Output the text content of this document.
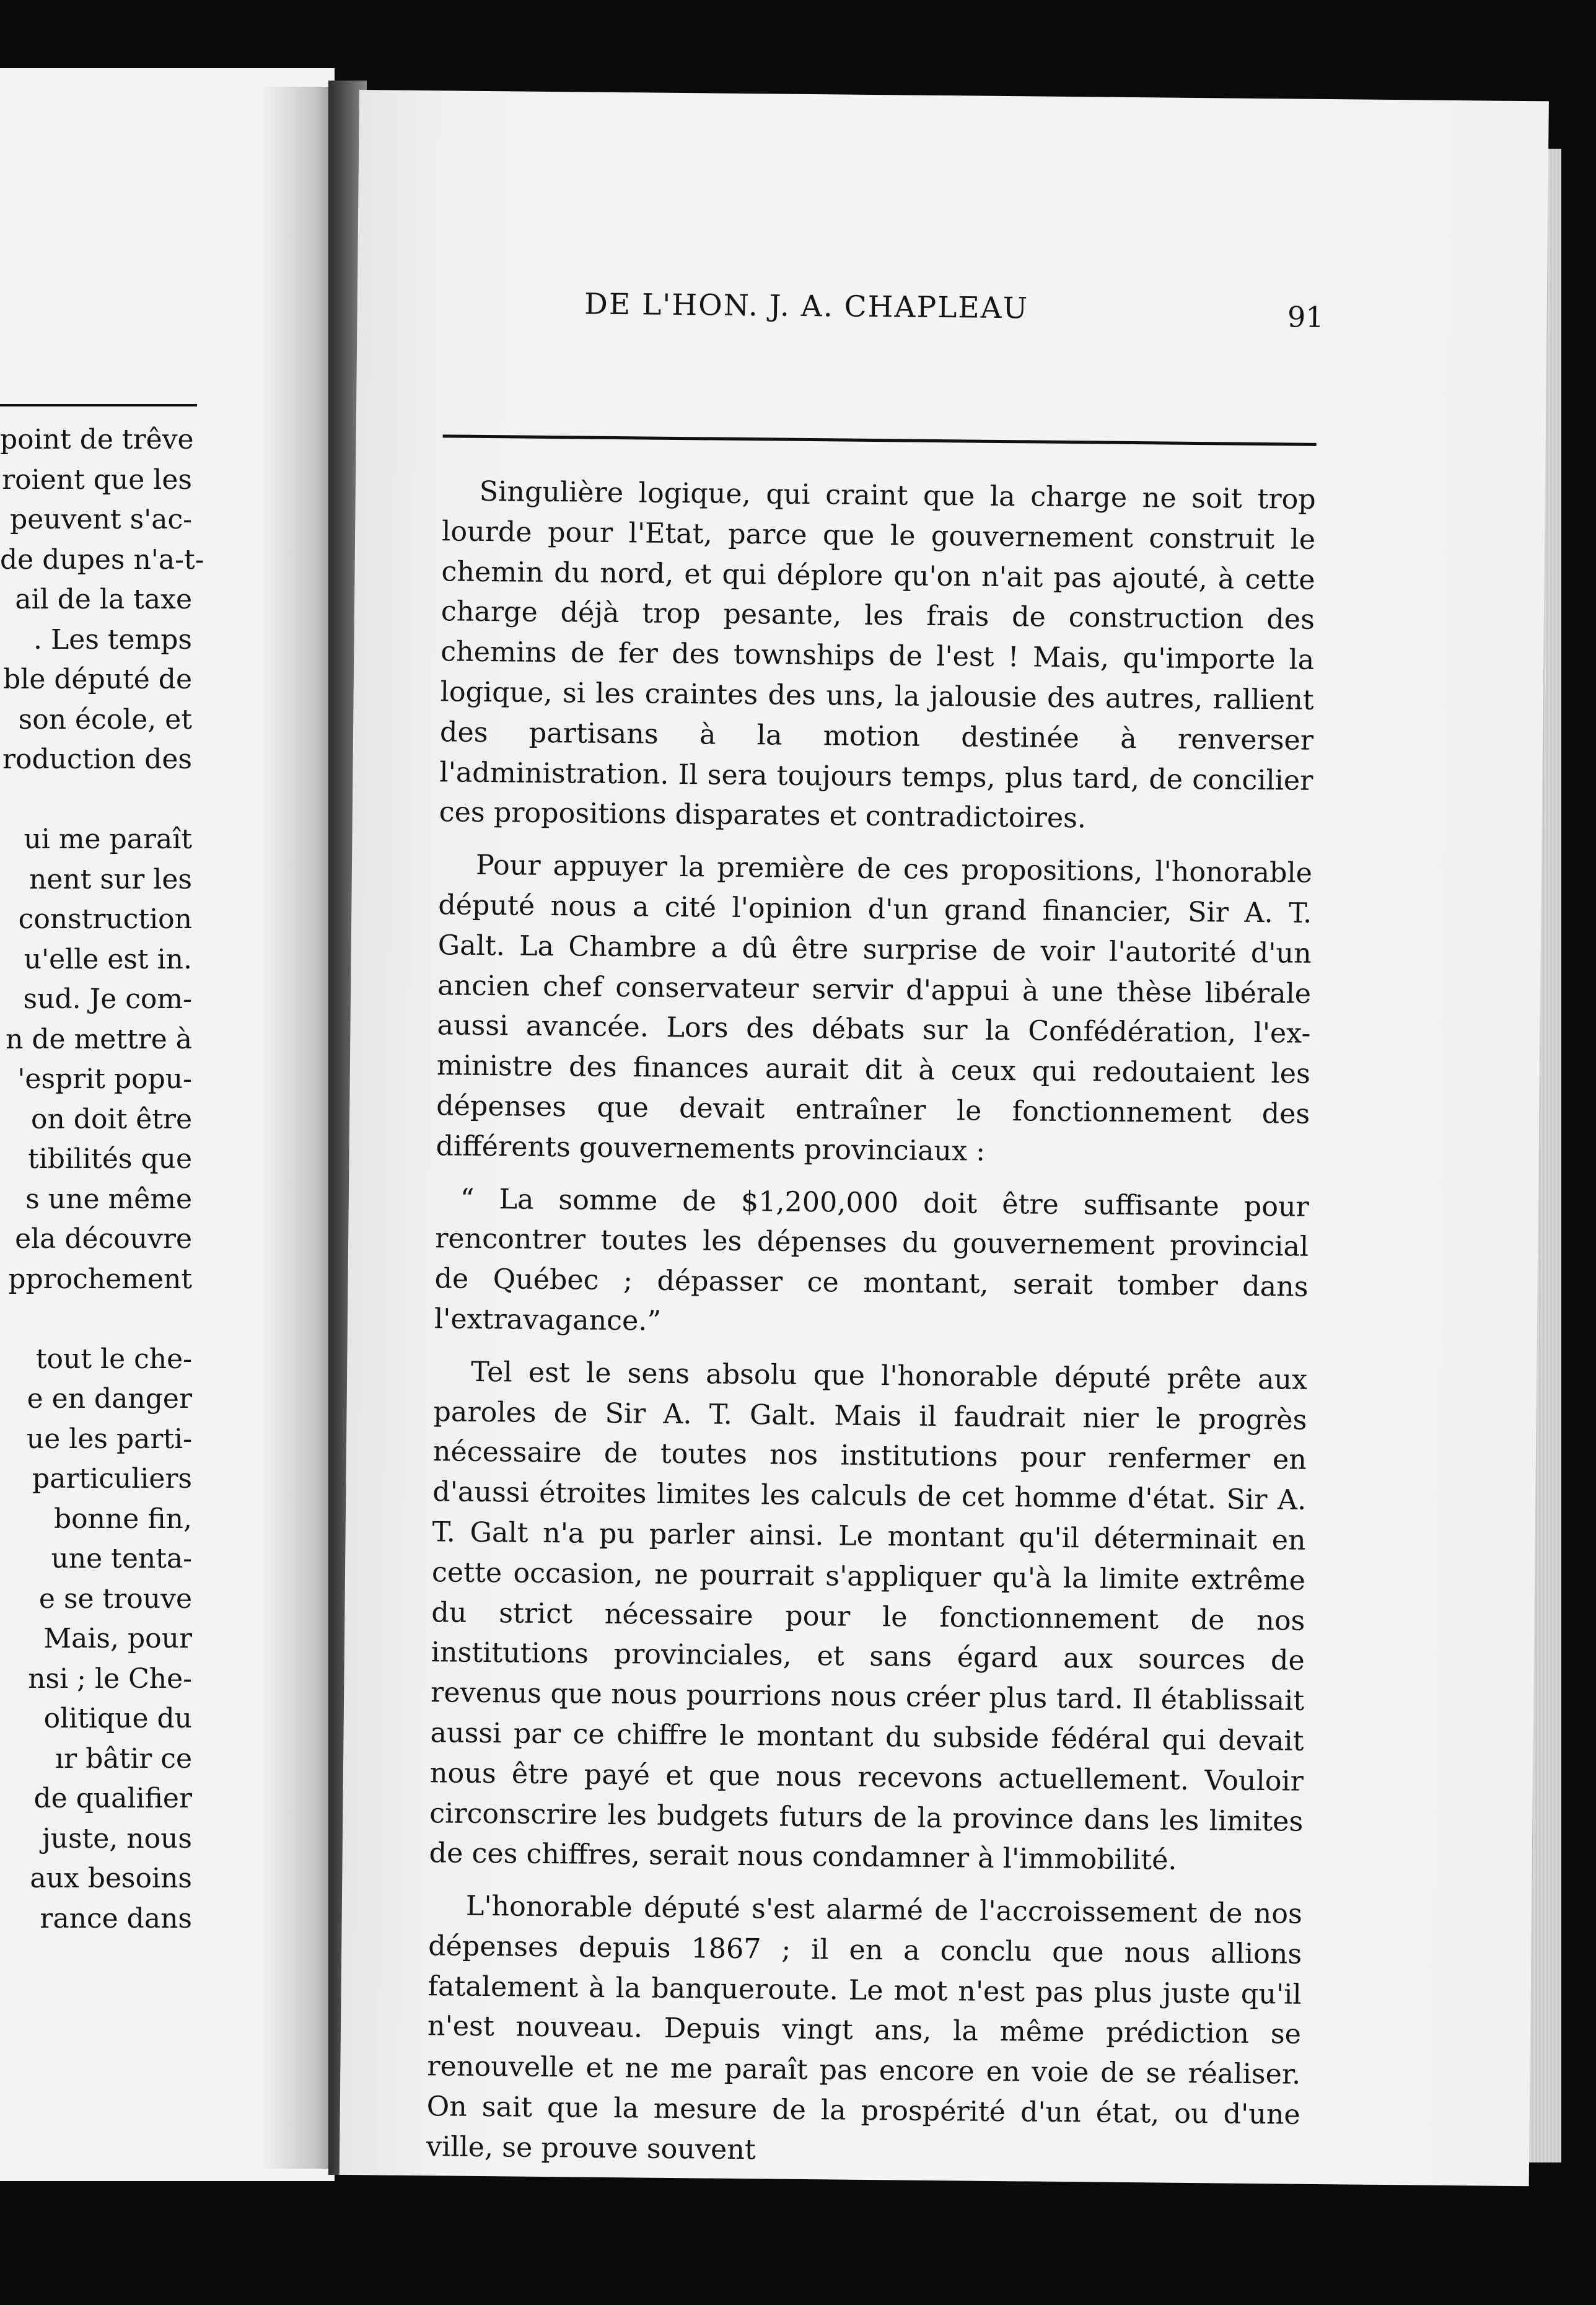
point de trêve
roient que les
peuvent s'ac-
de dupes n'a-t-
ail de la taxe
. Les temps
ble député de
son école, et
roduction des
ui me paraît
nent sur les
construction
u'elle est in.
sud. Je com-
n de mettre à
'esprit popu-
on doit être
tibilités que
s une même
ela découvre
pprochement
tout le che-
e en danger
ue les parti-
particuliers
bonne fin,
une tenta-
e se trouve
Mais, pour
nsi ; le Che-
olitique du
ır bâtir ce
de qualifier
juste, nous
aux besoins
rance dans
DE L'HON. J. A. CHAPLEAU	91

Singulière logique, qui craint que la charge ne soit trop lourde pour l'Etat, parce que le gouvernement construit le chemin du nord, et qui déplore qu'on n'ait pas ajouté, à cette charge déjà trop pesante, les frais de construction des chemins de fer des townships de l'est ! Mais, qu'importe la logique, si les craintes des uns, la jalousie des autres, rallient des partisans à la motion destinée à renverser l'administration. Il sera toujours temps, plus tard, de concilier ces propositions disparates et contradictoires.

Pour appuyer la première de ces propositions, l'honorable député nous a cité l'opinion d'un grand financier, Sir A. T. Galt. La Chambre a dû être surprise de voir l'autorité d'un ancien chef conservateur servir d'appui à une thèse libérale aussi avancée. Lors des débats sur la Confédération, l'ex-ministre des finances aurait dit à ceux qui redoutaient les dépenses que devait entraîner le fonctionnement des différents gouvernements provinciaux :

“ La somme de $1,200,000 doit être suffisante pour rencontrer toutes les dépenses du gouvernement provincial de Québec ; dépasser ce montant, serait tomber dans l'extravagance.”

Tel est le sens absolu que l'honorable député prête aux paroles de Sir A. T. Galt. Mais il faudrait nier le progrès nécessaire de toutes nos institutions pour renfermer en d'aussi étroites limites les calculs de cet homme d'état. Sir A. T. Galt n'a pu parler ainsi. Le montant qu'il déterminait en cette occasion, ne pourrait s'appliquer qu'à la limite extrême du strict nécessaire pour le fonctionnement de nos institutions provinciales, et sans égard aux sources de revenus que nous pourrions nous créer plus tard. Il établissait aussi par ce chiffre le montant du subside fédéral qui devait nous être payé et que nous recevons actuellement. Vouloir circonscrire les budgets futurs de la province dans les limites de ces chiffres, serait nous condamner à l'immobilité.

L'honorable député s'est alarmé de l'accroissement de nos dépenses depuis 1867 ; il en a conclu que nous allions fatalement à la banqueroute. Le mot n'est pas plus juste qu'il n'est nouveau. Depuis vingt ans, la même prédiction se renouvelle et ne me paraît pas encore en voie de se réaliser. On sait que la mesure de la prospérité d'un état, ou d'une ville, se prouve souvent
